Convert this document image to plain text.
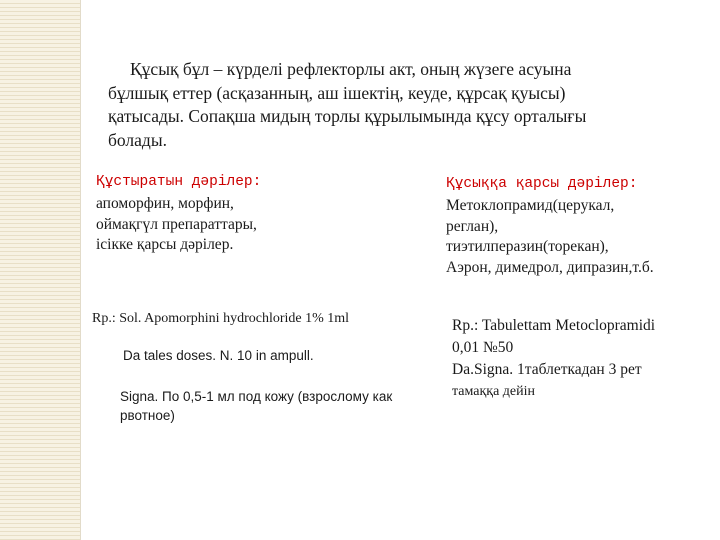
Құсық бұл – күрделі рефлекторлы акт, оның жүзеге асуына
бұлшық еттер (асқазанның, аш ішектің, кеуде, құрсақ қуысы)
қатысады. Сопақша мидың торлы құрылымында құсу орталығы
болады.

Құстыратын дәрілер:
апоморфин, морфин,
оймақгүл препараттары,
ісікке қарсы дәрілер.
Rp.: Sol. Apomorphini hydrochloride 1% 1ml
Da tales doses. N. 10 in ampull.
Signa. По 0,5-1 мл под кожу (взрослому как
рвотное)
Құсыққа қарсы дәрілер:
Метоклопрамид(церукал,
реглан),
тиэтилперазин(торекан),
Аэрон, димедрол, дипразин,т.б.
Rp.: Tabulettam Metoclopramidi
0,01 №50
Da.Signa. 1таблеткадан 3 рет
тамаққа дейін
